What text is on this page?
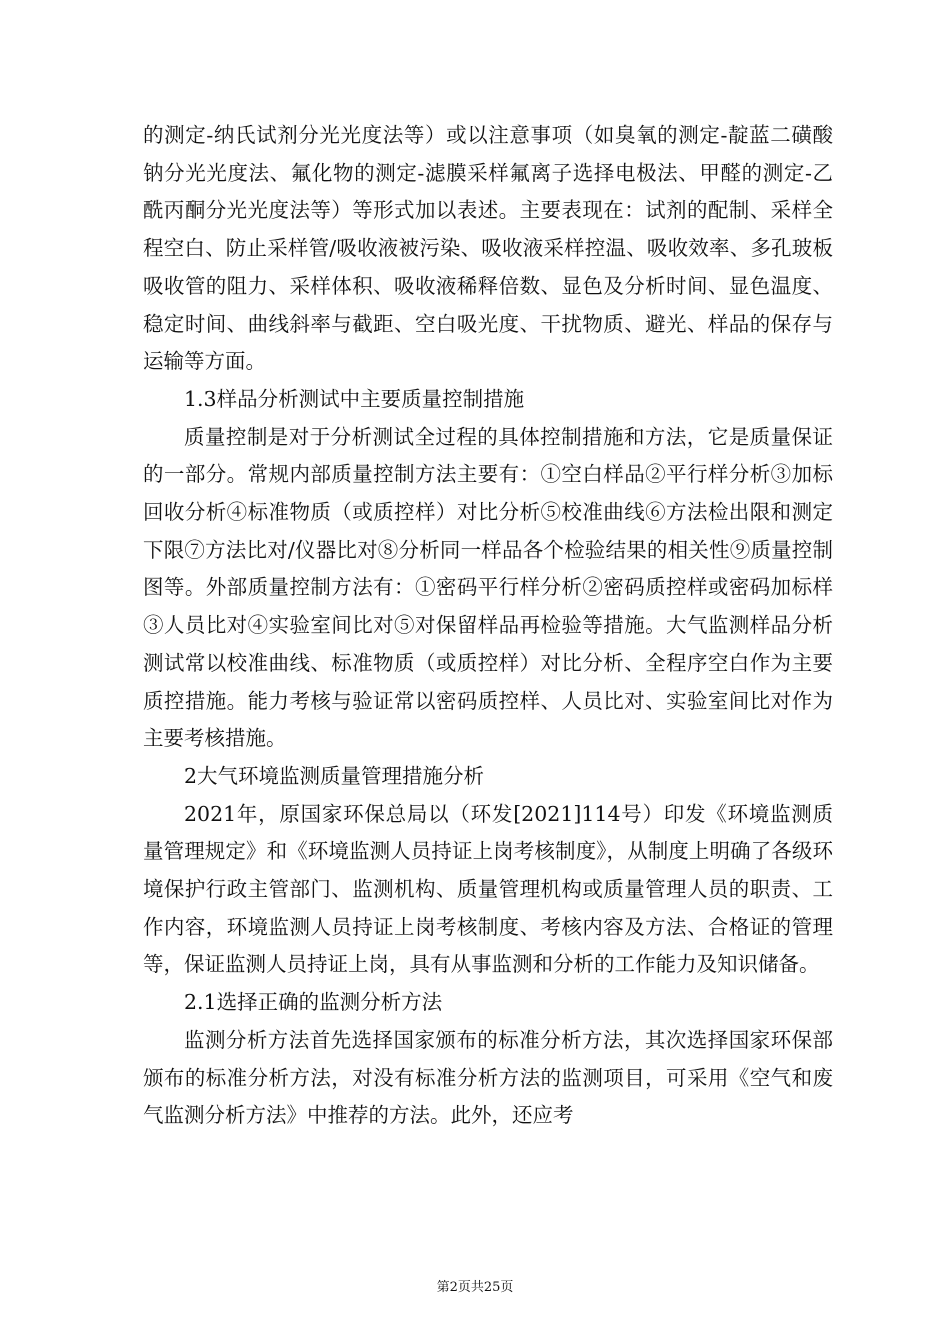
的测定-纳氏试剂分光光度法等）或以注意事项（如臭氧的测定-靛蓝二磺酸钠分光光度法、氟化物的测定-滤膜采样氟离子选择电极法、甲醛的测定-乙酰丙酮分光光度法等）等形式加以表述。主要表现在：试剂的配制、采样全程空白、防止采样管/吸收液被污染、吸收液采样控温、吸收效率、多孔玻板吸收管的阻力、采样体积、吸收液稀释倍数、显色及分析时间、显色温度、稳定时间、曲线斜率与截距、空白吸光度、干扰物质、避光、样品的保存与运输等方面。

1.3样品分析测试中主要质量控制措施

质量控制是对于分析测试全过程的具体控制措施和方法，它是质量保证的一部分。常规内部质量控制方法主要有：①空白样品②平行样分析③加标回收分析④标准物质（或质控样）对比分析⑤校准曲线⑥方法检出限和测定下限⑦方法比对/仪器比对⑧分析同一样品各个检验结果的相关性⑨质量控制图等。外部质量控制方法有：①密码平行样分析②密码质控样或密码加标样③人员比对④实验室间比对⑤对保留样品再检验等措施。大气监测样品分析测试常以校准曲线、标准物质（或质控样）对比分析、全程序空白作为主要质控措施。能力考核与验证常以密码质控样、人员比对、实验室间比对作为主要考核措施。

2大气环境监测质量管理措施分析

2021年，原国家环保总局以（环发[2021]114号）印发《环境监测质量管理规定》和《环境监测人员持证上岗考核制度》，从制度上明确了各级环境保护行政主管部门、监测机构、质量管理机构或质量管理人员的职责、工作内容，环境监测人员持证上岗考核制度、考核内容及方法、合格证的管理等，保证监测人员持证上岗，具有从事监测和分析的工作能力及知识储备。

2.1选择正确的监测分析方法

监测分析方法首先选择国家颁布的标准分析方法，其次选择国家环保部颁布的标准分析方法，对没有标准分析方法的监测项目，可采用《空气和废气监测分析方法》中推荐的方法。此外，还应考

第2页共25页
